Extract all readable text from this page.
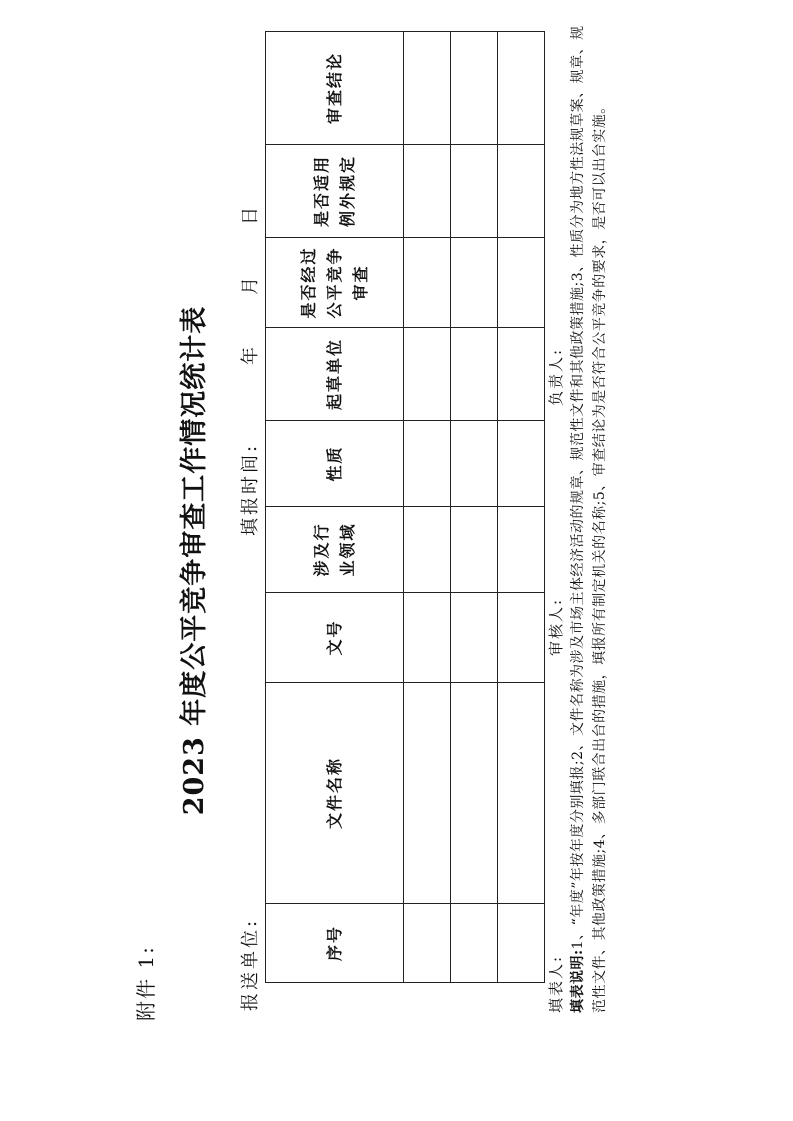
附件 1:
2023 年度公平竞争审查工作情况统计表
报送单位:
填报时间:
年
月
日
序号	文件名称	文号	涉及行 业领域	性质	起草单位	是否经过 公平竞争 审查	是否适用 例外规定	审查结论

填表人:
审核人:
负责人:
填表说明:1、“年度”年按年度分别填报;2、文件名称为涉及市场主体经济活动的规章、规范性文件和其他政策措施;3、性质分为地方性法规草案、规章、规范性文件、其他政策措施;4、多部门联合出台的措施，填报所有制定机关的名称;5、审查结论为是否符合公平竞争的要求，是否可以出台实施。
